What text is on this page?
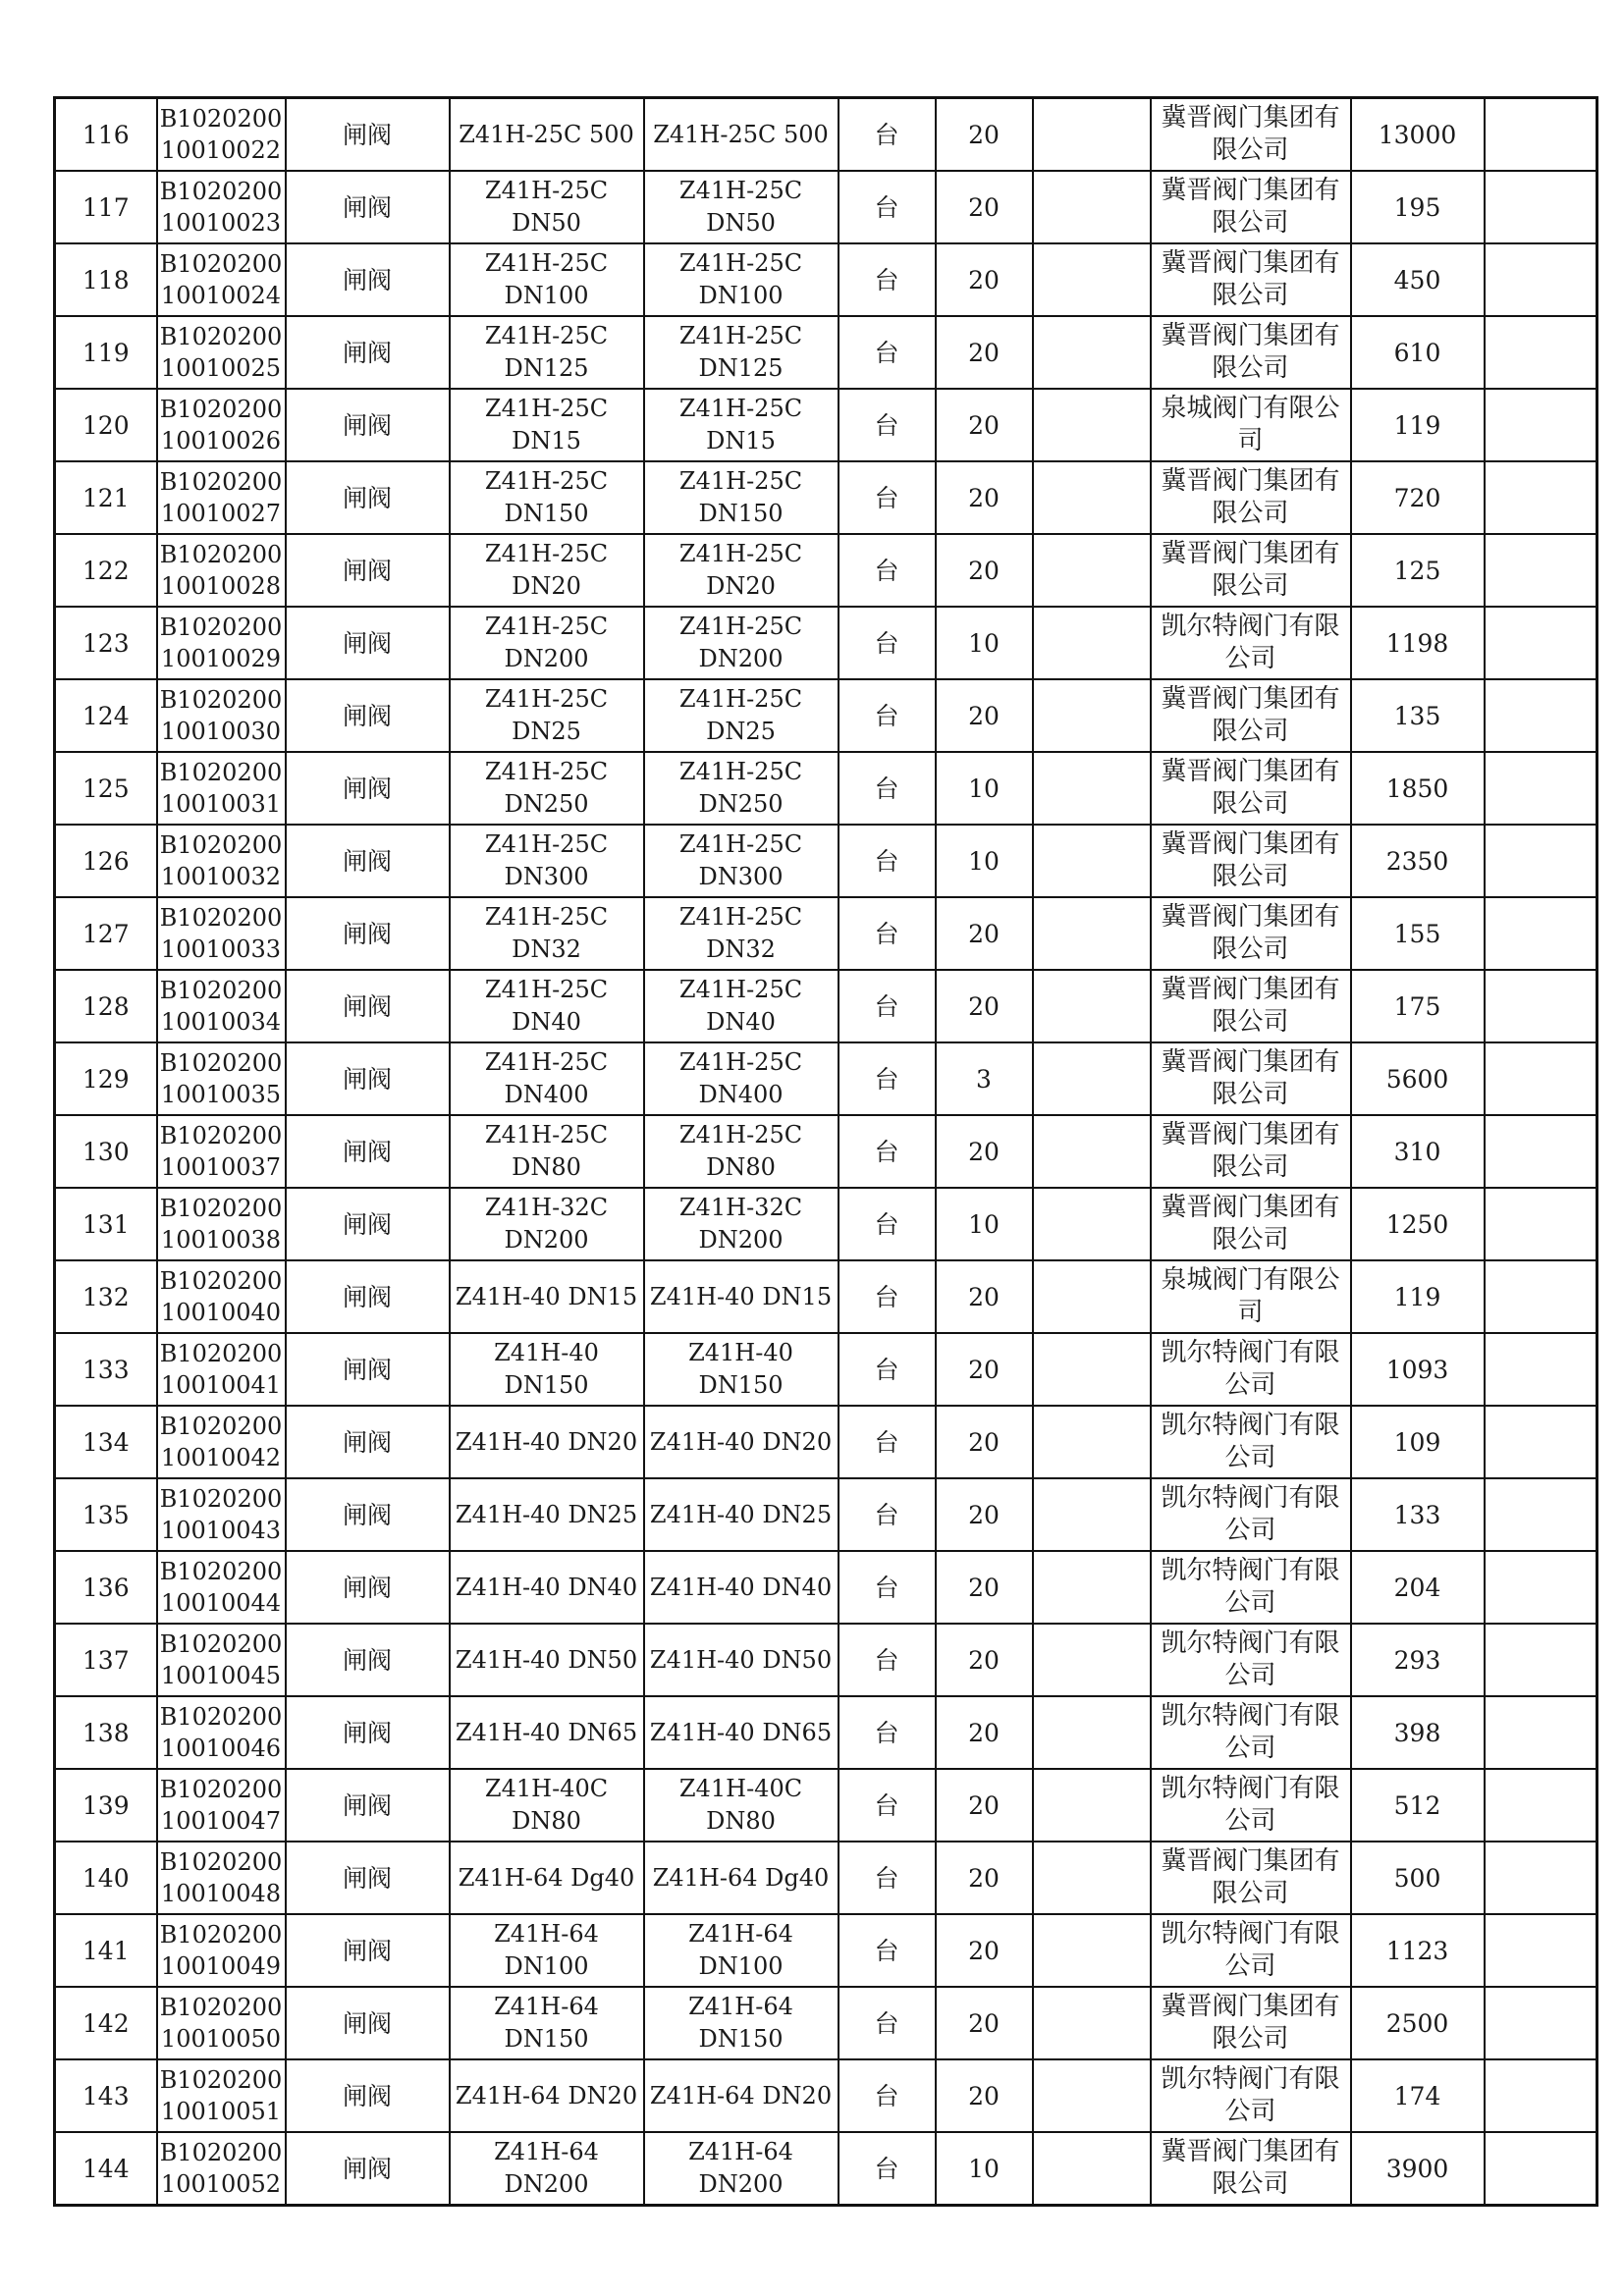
116	B1020200 10010022	闸阀	Z41H-25C 500	Z41H-25C 500	台	20		冀晋阀门集团有限公司	13000	
117	B1020200 10010023	闸阀	Z41H-25C DN50	Z41H-25C DN50	台	20		冀晋阀门集团有限公司	195	
118	B1020200 10010024	闸阀	Z41H-25C DN100	Z41H-25C DN100	台	20		冀晋阀门集团有限公司	450	
119	B1020200 10010025	闸阀	Z41H-25C DN125	Z41H-25C DN125	台	20		冀晋阀门集团有限公司	610	
120	B1020200 10010026	闸阀	Z41H-25C DN15	Z41H-25C DN15	台	20		泉城阀门有限公司	119	
121	B1020200 10010027	闸阀	Z41H-25C DN150	Z41H-25C DN150	台	20		冀晋阀门集团有限公司	720	
122	B1020200 10010028	闸阀	Z41H-25C DN20	Z41H-25C DN20	台	20		冀晋阀门集团有限公司	125	
123	B1020200 10010029	闸阀	Z41H-25C DN200	Z41H-25C DN200	台	10		凯尔特阀门有限公司	1198	
124	B1020200 10010030	闸阀	Z41H-25C DN25	Z41H-25C DN25	台	20		冀晋阀门集团有限公司	135	
125	B1020200 10010031	闸阀	Z41H-25C DN250	Z41H-25C DN250	台	10		冀晋阀门集团有限公司	1850	
126	B1020200 10010032	闸阀	Z41H-25C DN300	Z41H-25C DN300	台	10		冀晋阀门集团有限公司	2350	
127	B1020200 10010033	闸阀	Z41H-25C DN32	Z41H-25C DN32	台	20		冀晋阀门集团有限公司	155	
128	B1020200 10010034	闸阀	Z41H-25C DN40	Z41H-25C DN40	台	20		冀晋阀门集团有限公司	175	
129	B1020200 10010035	闸阀	Z41H-25C DN400	Z41H-25C DN400	台	3		冀晋阀门集团有限公司	5600	
130	B1020200 10010037	闸阀	Z41H-25C DN80	Z41H-25C DN80	台	20		冀晋阀门集团有限公司	310	
131	B1020200 10010038	闸阀	Z41H-32C DN200	Z41H-32C DN200	台	10		冀晋阀门集团有限公司	1250	
132	B1020200 10010040	闸阀	Z41H-40 DN15	Z41H-40 DN15	台	20		泉城阀门有限公司	119	
133	B1020200 10010041	闸阀	Z41H-40 DN150	Z41H-40 DN150	台	20		凯尔特阀门有限公司	1093	
134	B1020200 10010042	闸阀	Z41H-40 DN20	Z41H-40 DN20	台	20		凯尔特阀门有限公司	109	
135	B1020200 10010043	闸阀	Z41H-40 DN25	Z41H-40 DN25	台	20		凯尔特阀门有限公司	133	
136	B1020200 10010044	闸阀	Z41H-40 DN40	Z41H-40 DN40	台	20		凯尔特阀门有限公司	204	
137	B1020200 10010045	闸阀	Z41H-40 DN50	Z41H-40 DN50	台	20		凯尔特阀门有限公司	293	
138	B1020200 10010046	闸阀	Z41H-40 DN65	Z41H-40 DN65	台	20		凯尔特阀门有限公司	398	
139	B1020200 10010047	闸阀	Z41H-40C DN80	Z41H-40C DN80	台	20		凯尔特阀门有限公司	512	
140	B1020200 10010048	闸阀	Z41H-64 Dg40	Z41H-64 Dg40	台	20		冀晋阀门集团有限公司	500	
141	B1020200 10010049	闸阀	Z41H-64 DN100	Z41H-64 DN100	台	20		凯尔特阀门有限公司	1123	
142	B1020200 10010050	闸阀	Z41H-64 DN150	Z41H-64 DN150	台	20		冀晋阀门集团有限公司	2500	
143	B1020200 10010051	闸阀	Z41H-64 DN20	Z41H-64 DN20	台	20		凯尔特阀门有限公司	174	
144	B1020200 10010052	闸阀	Z41H-64 DN200	Z41H-64 DN200	台	10		冀晋阀门集团有限公司	3900	
